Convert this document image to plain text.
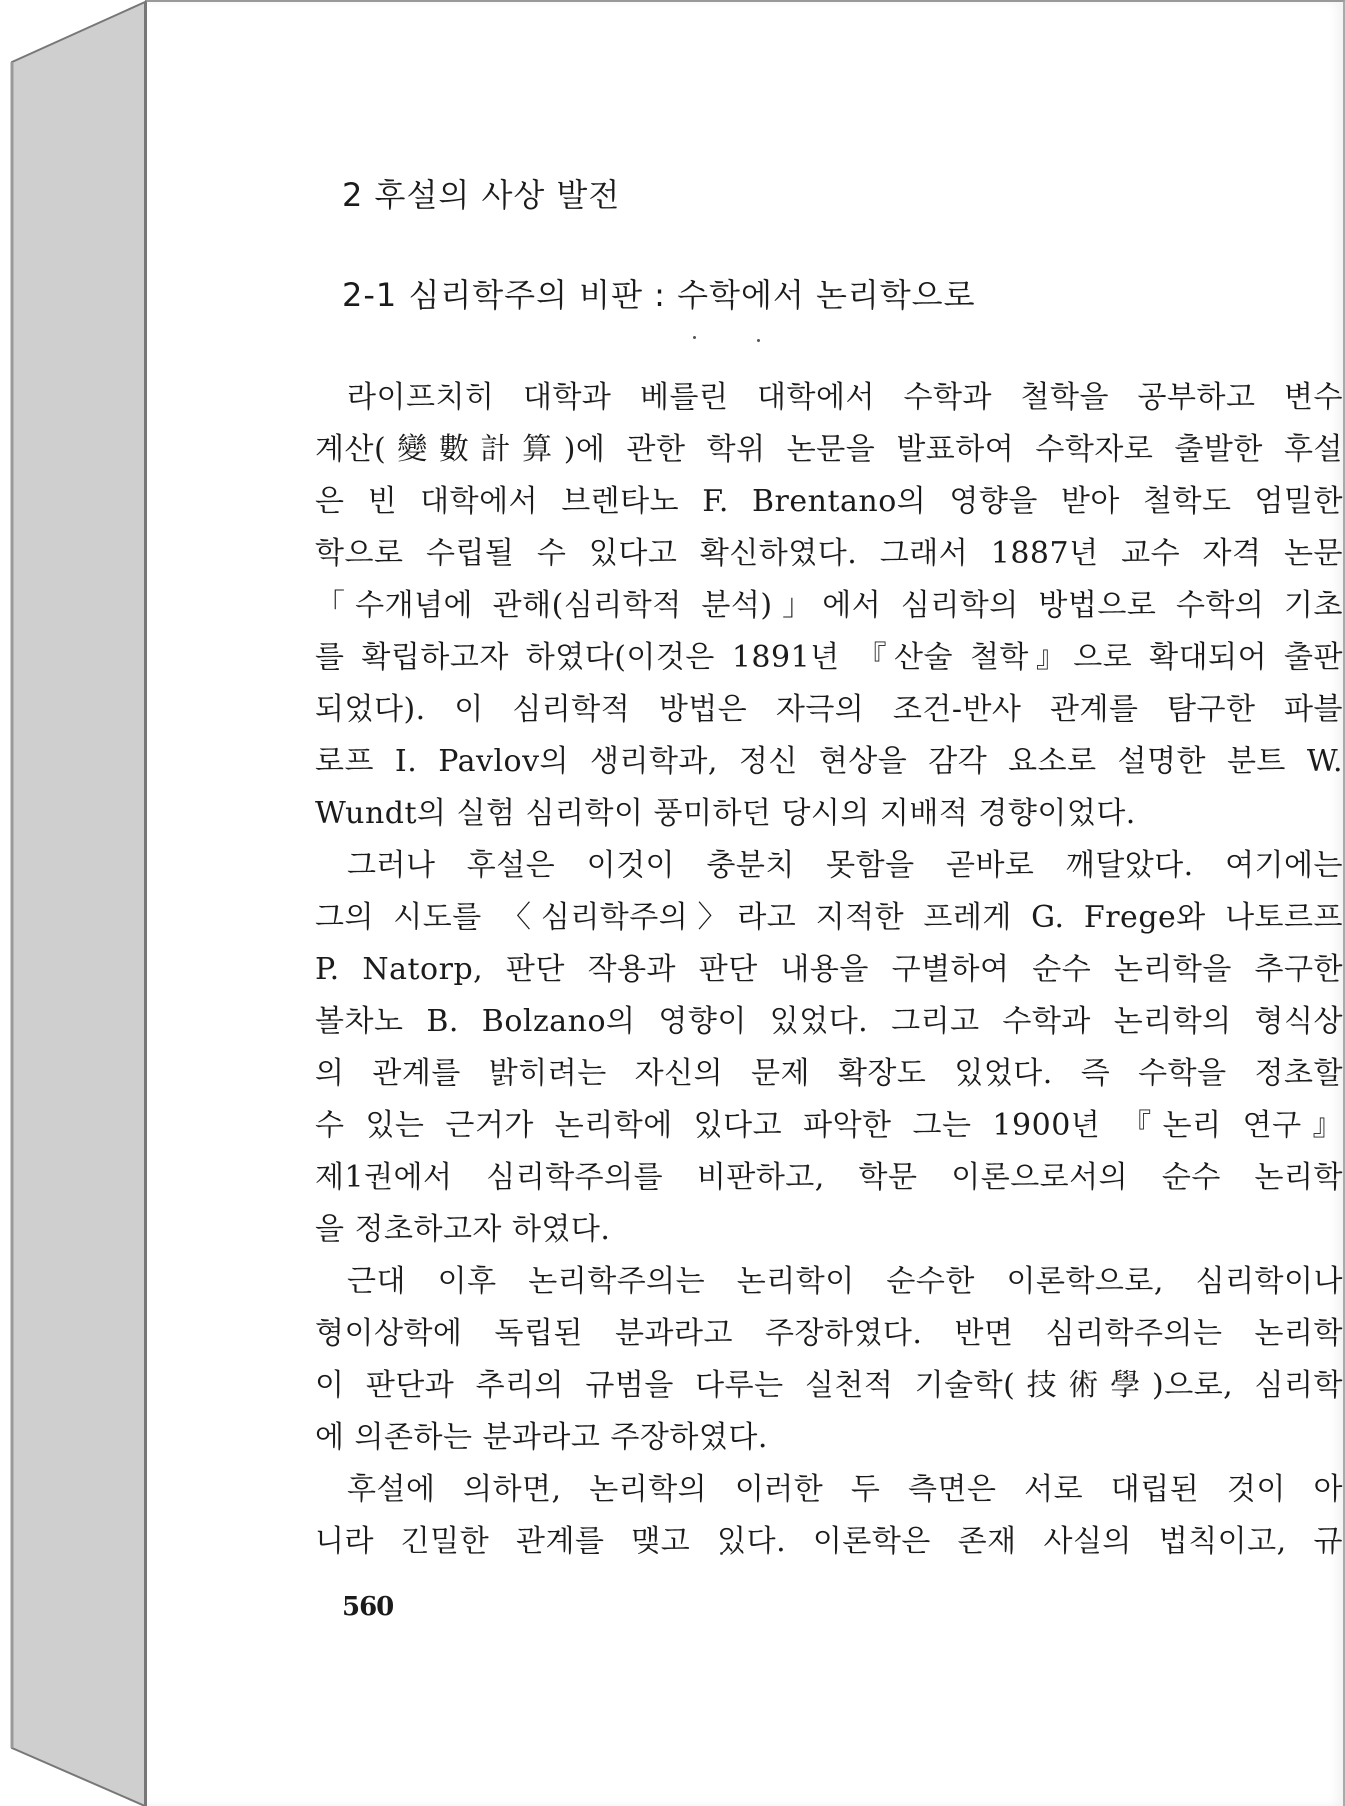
2 후설의 사상 발전
2-1 심리학주의 비판 : 수학에서 논리학으로
라이프치히 대학과 베를린 대학에서 수학과 철학을 공부하고 변수
계산(變數計算)에 관한 학위 논문을 발표하여 수학자로 출발한 후설
은 빈 대학에서 브렌타노 F. Brentano의 영향을 받아 철학도 엄밀한
학으로 수립될 수 있다고 확신하였다. 그래서 1887년 교수 자격 논문
「수개념에 관해(심리학적 분석)」에서 심리학의 방법으로 수학의 기초
를 확립하고자 하였다(이것은 1891년 『산술 철학』으로 확대되어 출판
되었다). 이 심리학적 방법은 자극의 조건-반사 관계를 탐구한 파블
로프 I. Pavlov의 생리학과, 정신 현상을 감각 요소로 설명한 분트 W.
Wundt의 실험 심리학이 풍미하던 당시의 지배적 경향이었다.
그러나 후설은 이것이 충분치 못함을 곧바로 깨달았다. 여기에는
그의 시도를 〈심리학주의〉라고 지적한 프레게 G. Frege와 나토르프
P. Natorp, 판단 작용과 판단 내용을 구별하여 순수 논리학을 추구한
볼차노 B. Bolzano의 영향이 있었다. 그리고 수학과 논리학의 형식상
의 관계를 밝히려는 자신의 문제 확장도 있었다. 즉 수학을 정초할
수 있는 근거가 논리학에 있다고 파악한 그는 1900년 『논리 연구』
제1권에서 심리학주의를 비판하고, 학문 이론으로서의 순수 논리학
을 정초하고자 하였다.
근대 이후 논리학주의는 논리학이 순수한 이론학으로, 심리학이나
형이상학에 독립된 분과라고 주장하였다. 반면 심리학주의는 논리학
이 판단과 추리의 규범을 다루는 실천적 기술학(技術學)으로, 심리학
에 의존하는 분과라고 주장하였다.
후설에 의하면, 논리학의 이러한 두 측면은 서로 대립된 것이 아
니라 긴밀한 관계를 맺고 있다. 이론학은 존재 사실의 법칙이고, 규
560
